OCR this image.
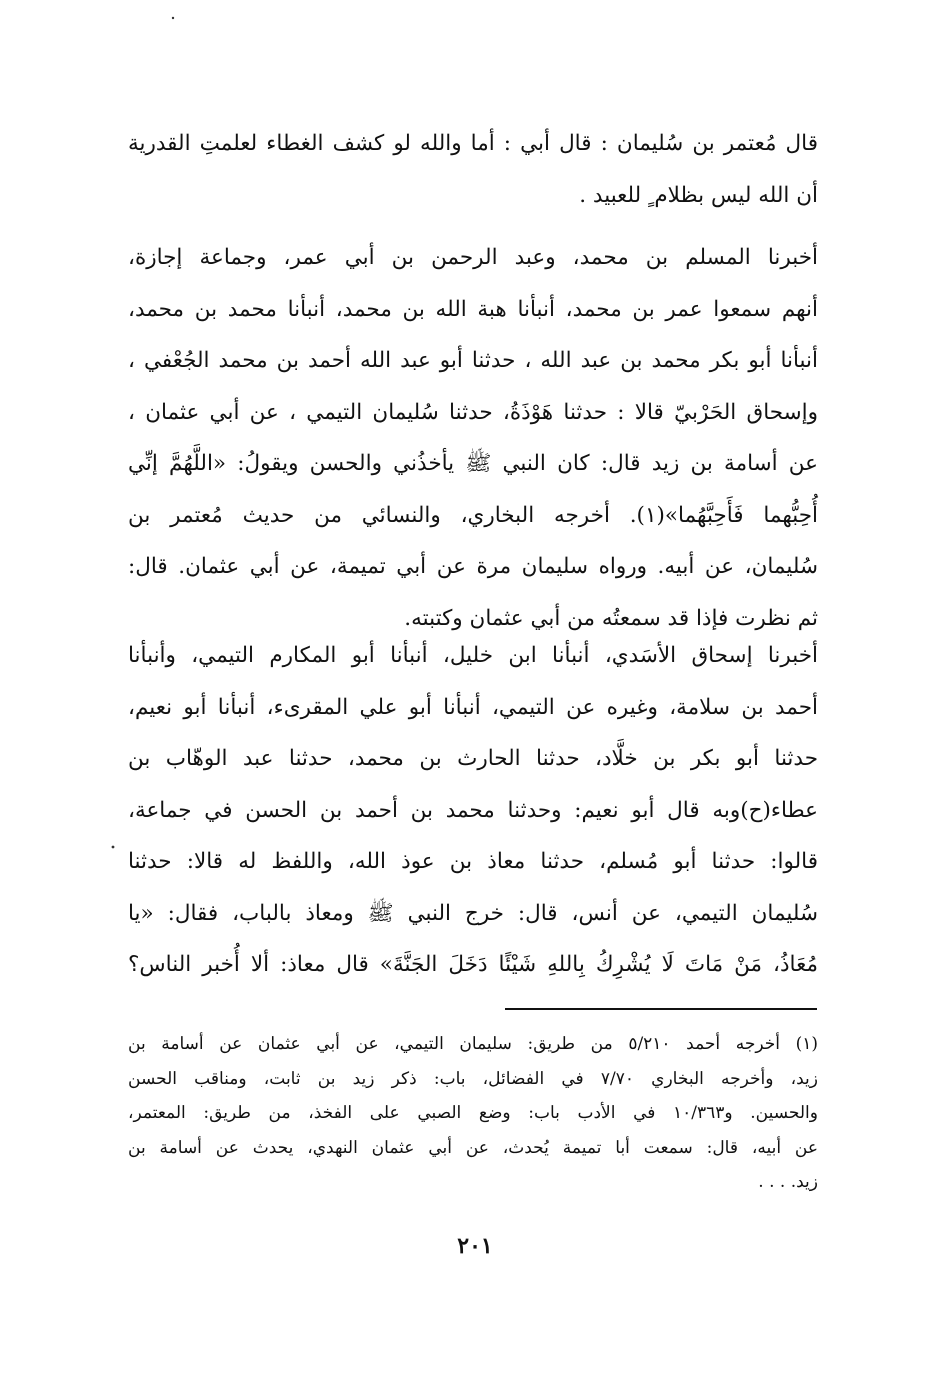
قال مُعتمر بن سُليمان : قال أبي : أما والله لو كشف الغطاء لعلمتِ القدرية
أن الله ليس بظلام ٍ للعبيد .
أخبرنا المسلم بن محمد، وعبد الرحمن بن أبي عمر، وجماعة إجازة،
أنهم سمعوا عمر بن محمد، أنبأنا هبة الله بن محمد، أنبأنا محمد بن محمد،
أنبأنا أبو بكر محمد بن عبد الله ، حدثنا أبو عبد الله أحمد بن محمد الجُعْفي ،
وإسحاق الحَرْبيّ قالا : حدثنا هَوْذَةُ، حدثنا سُليمان التيمي ، عن أبي عثمان ،
عن أسامة بن زيد قال: كان النبي ﷺ يأخذُني والحسن ويقولُ: «اللَّهُمَّ إنِّي
أُحِبُّهما فَأَحِبَّهُما»(١). أخرجه البخاري، والنسائي من حديث مُعتمر بن
سُليمان، عن أبيه. ورواه سليمان مرة عن أبي تميمة، عن أبي عثمان. قال:
ثم نظرت فإذا قد سمعتُه من أبي عثمان وكتبته.
أخبرنا إسحاق الأسَدي، أنبأنا ابن خليل، أنبأنا أبو المكارم التيمي، وأنبأنا
أحمد بن سلامة، وغيره عن التيمي، أنبأنا أبو علي المقرىء، أنبأنا أبو نعيم،
حدثنا أبو بكر بن خلَّاد، حدثنا الحارث بن محمد، حدثنا عبد الوهّاب بن
عطاء(ح)وبه قال أبو نعيم: وحدثنا محمد بن أحمد بن الحسن في جماعة،
قالوا: حدثنا أبو مُسلم، حدثنا معاذ بن عوذ الله، واللفظ له قالا: حدثنا
سُليمان التيمي، عن أنس، قال: خرج النبي ﷺ ومعاذ بالباب، فقال: «يا
مُعَاذُ، مَنْ مَاتَ لَا يُشْرِكُ بِاللهِ شَيْئًا دَخَلَ الجَنَّةَ» قال معاذ: ألا أُخبر الناس؟
(١) أخرجه أحمد ٥/٢١٠ من طريق: سليمان التيمي، عن أبي عثمان عن أسامة بن
زيد، وأخرجه البخاري ٧/٧٠ في الفضائل، باب: ذكر زيد بن ثابت، ومناقب الحسن
والحسين. و١٠/٣٦٣ في الأدب باب: وضع الصبي على الفخذ، من طريق: المعتمر،
عن أبيه، قال: سمعت أبا تميمة يُحدث، عن أبي عثمان النهدي، يحدث عن أسامة بن
زيد. . . .
٢٠١
